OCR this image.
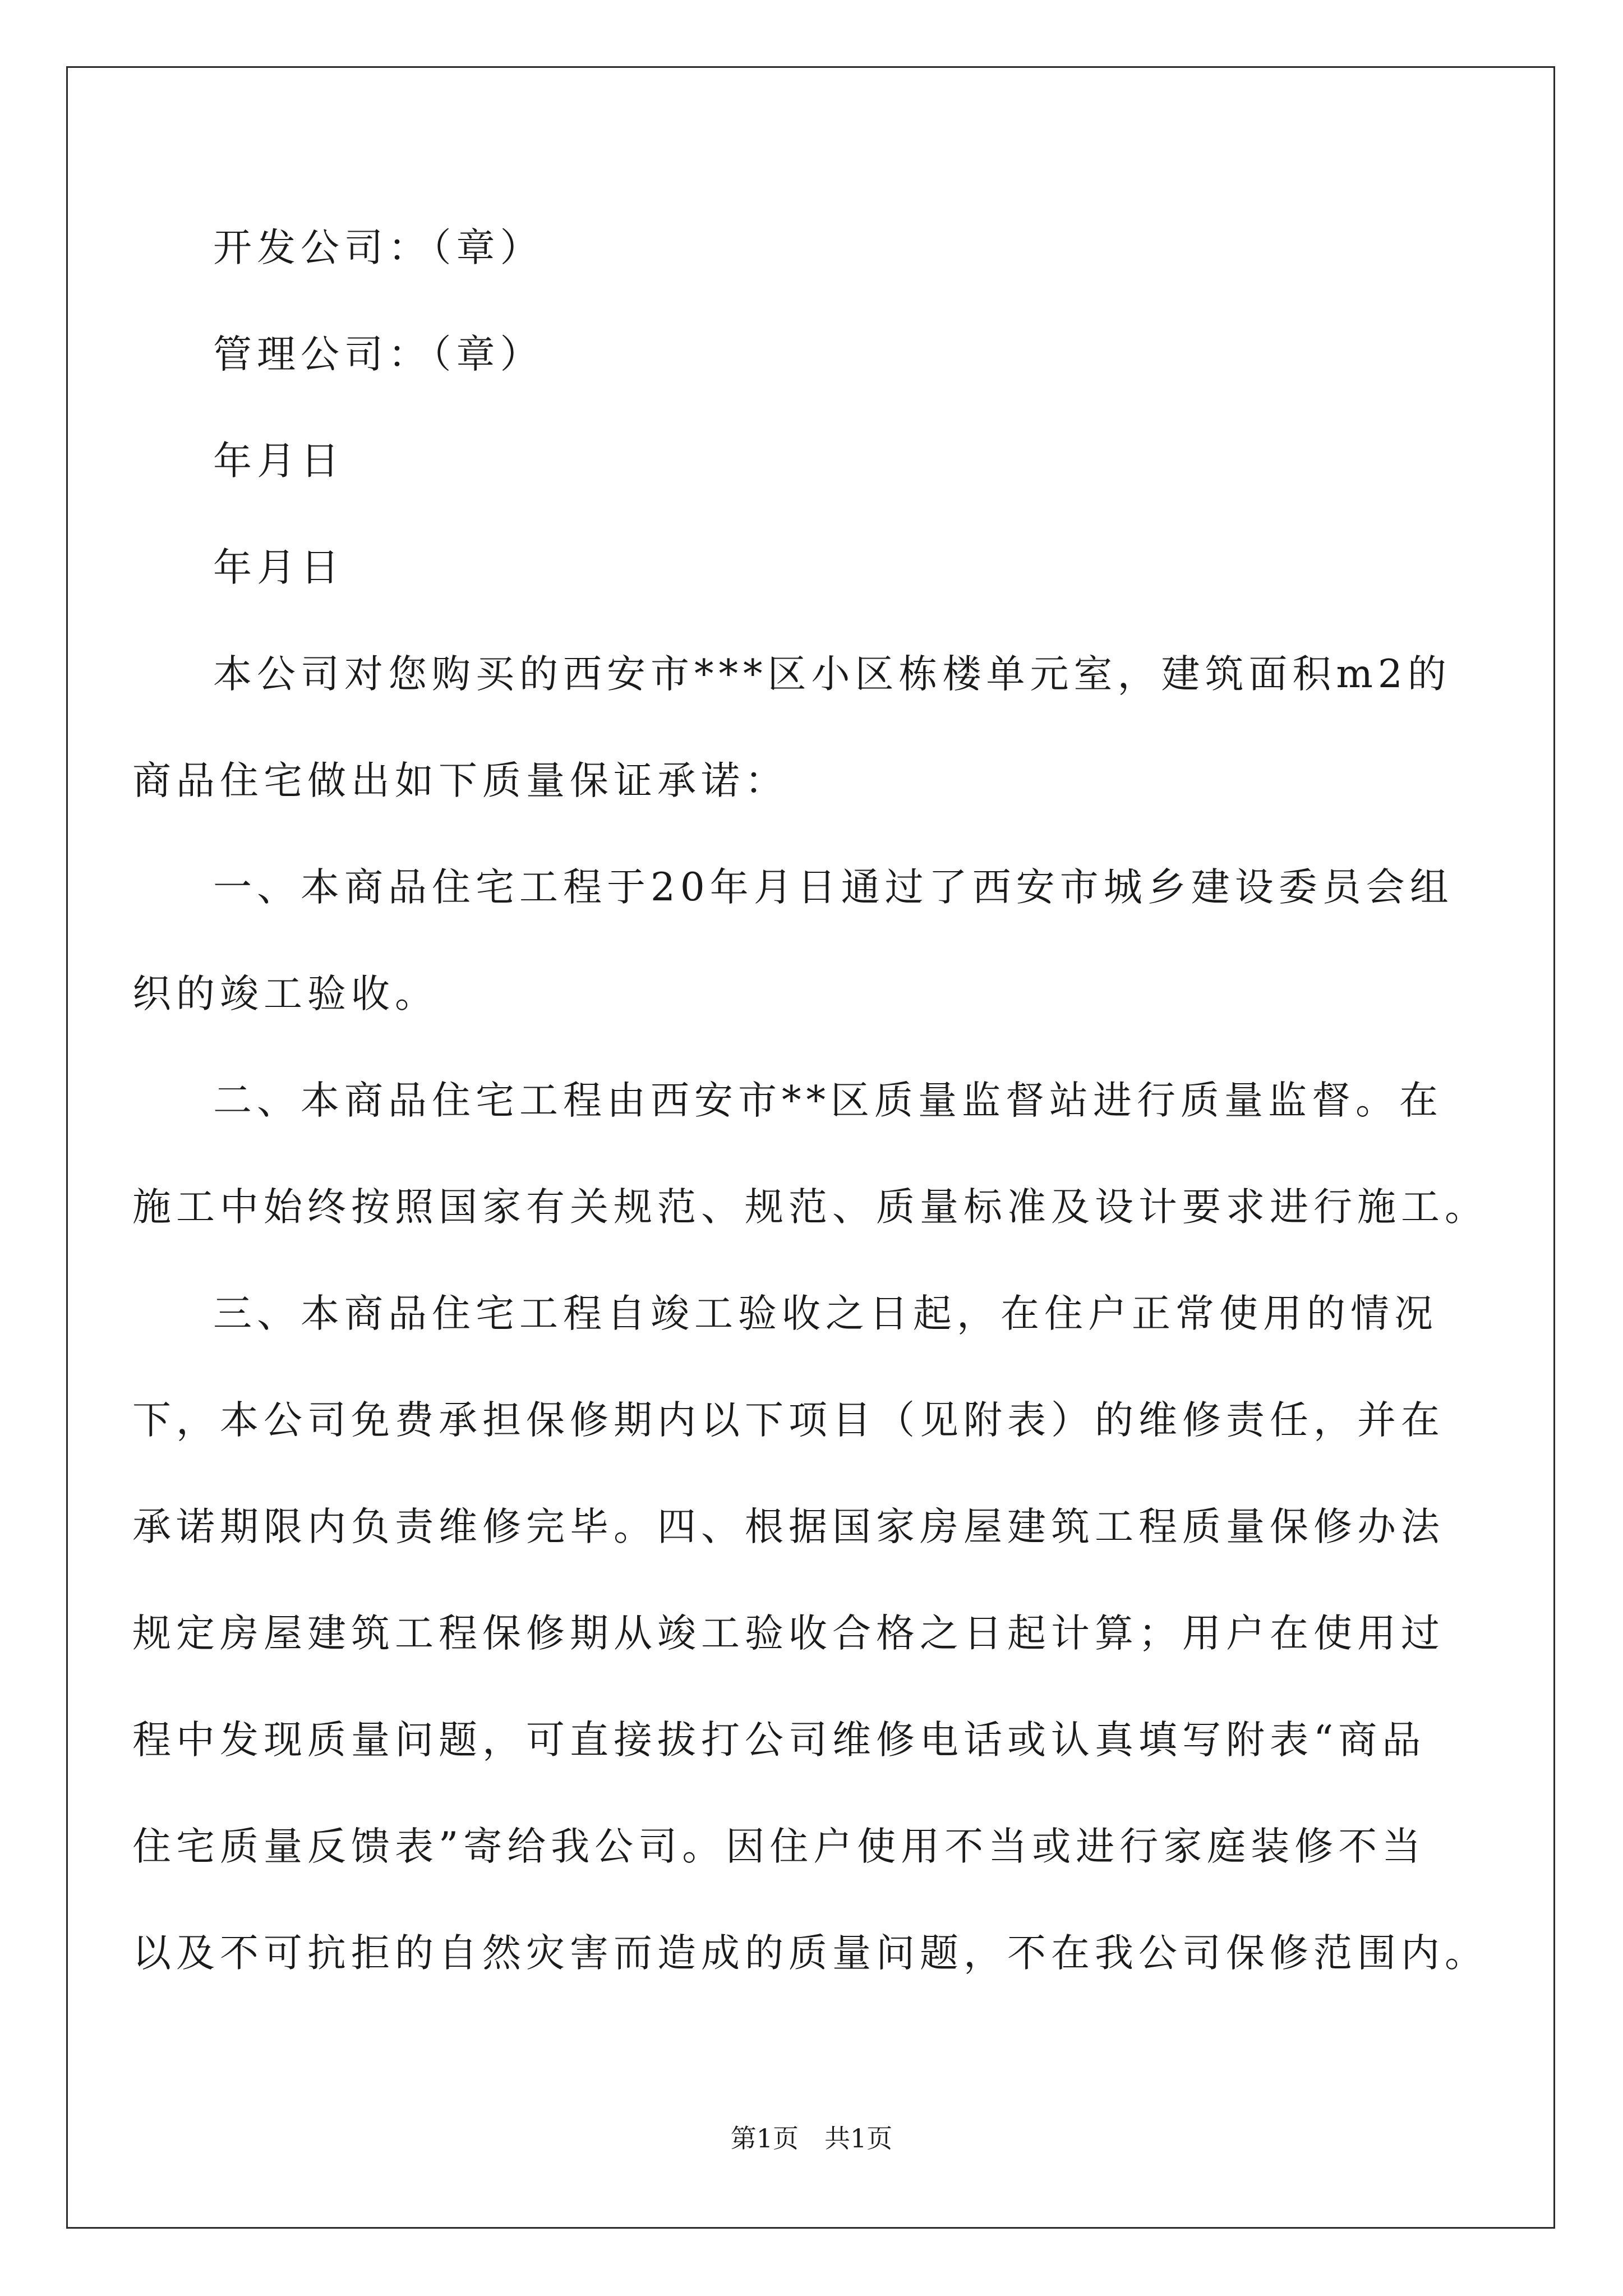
开发公司：（章）
管理公司：（章）
年月日
年月日
本公司对您购买的西安市***区小区栋楼单元室，建筑面积m2的
商品住宅做出如下质量保证承诺：
一、本商品住宅工程于20年月日通过了西安市城乡建设委员会组
织的竣工验收。
二、本商品住宅工程由西安市**区质量监督站进行质量监督。在
施工中始终按照国家有关规范、规范、质量标准及设计要求进行施工。
三、本商品住宅工程自竣工验收之日起，在住户正常使用的情况
下，本公司免费承担保修期内以下项目（见附表）的维修责任，并在
承诺期限内负责维修完毕。四、根据国家房屋建筑工程质量保修办法
规定房屋建筑工程保修期从竣工验收合格之日起计算；用户在使用过
程中发现质量问题，可直接拔打公司维修电话或认真填写附表“商品
住宅质量反馈表”寄给我公司。因住户使用不当或进行家庭装修不当
以及不可抗拒的自然灾害而造成的质量问题，不在我公司保修范围内。
第1页　共1页
